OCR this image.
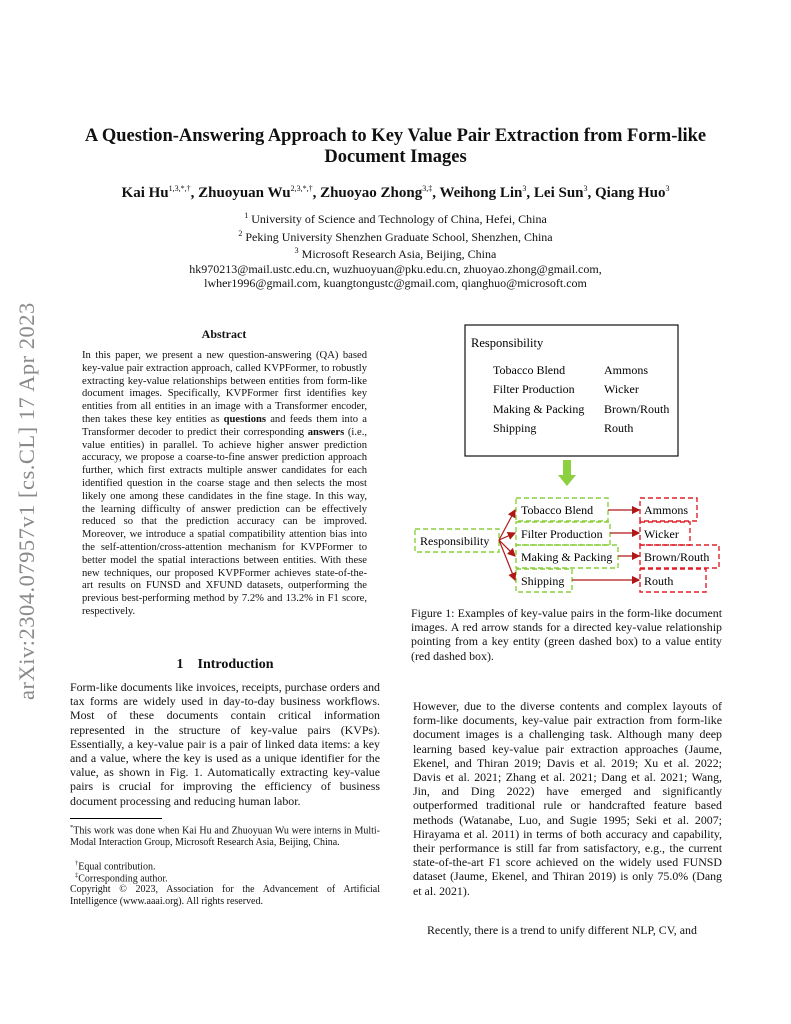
arXiv:2304.07957v1 [cs.CL] 17 Apr 2023
A Question-Answering Approach to Key Value Pair Extraction from Form-like
Document Images
Kai $Hu^{1,3,*,\dagger}$, Zhuoyuan $Wu^{2,3,*,\dagger}$, Zhuoyao Zhong$^{3,\ddagger}$, Weihong Lin$^3$, Lei Sun$^3$, Qiang Huo$^3$
$^1$ University of Science and Technology of China, Hefei, China
$^2$ Peking University Shenzhen Graduate School, Shenzhen, China
$^3$ Microsoft Research Asia, Beijing, China
hk970213@mail.ustc.edu.cn, wuzhuoyuan@pku.edu.cn, zhuoyao.zhong@gmail.com,
lwher1996@gmail.com, kuangtongustc@gmail.com, qianghuo@microsoft.com
Abstract
In this paper, we present a new question-answering (QA) based key-value pair extraction approach, called KVPFormer, to robustly extracting key-value relationships between entities from form-like document images. Specifically, KVPFormer first identifies key entities from all entities in an image with a Transformer encoder, then takes these key entities as questions and feeds them into a Transformer decoder to predict their corresponding answers (i.e., value entities) in parallel. To achieve higher answer prediction accuracy, we propose a coarse-to-fine answer prediction approach further, which first extracts multiple answer candidates for each identified question in the coarse stage and then selects the most likely one among these candidates in the fine stage. In this way, the learning difficulty of answer prediction can be effectively reduced so that the prediction accuracy can be improved. Moreover, we introduce a spatial compatibility attention bias into the self-attention/cross-attention mechanism for KVPFormer to better model the spatial interactions between entities. With these new techniques, our proposed KVPFormer achieves state-of-the-art results on FUNSD and XFUND datasets, outperforming the previous best-performing method by 7.2% and 13.2% in F1 score, respectively.
1    Introduction
Form-like documents like invoices, receipts, purchase orders and tax forms are widely used in day-to-day business workflows. Most of these documents contain critical information represented in the structure of key-value pairs (KVPs). Essentially, a key-value pair is a pair of linked data items: a key and a value, where the key is used as a unique identifier for the value, as shown in Fig. 1. Automatically extracting key-value pairs is crucial for improving the efficiency of business document processing and reducing human labor.
*This work was done when Kai Hu and Zhuoyuan Wu were interns in Multi-Modal Interaction Group, Microsoft Research Asia, Beijing, China.
†Equal contribution.
‡Corresponding author.
Copyright © 2023, Association for the Advancement of Artificial Intelligence (www.aaai.org). All rights reserved.
Responsibility
Tobacco Blend
Filter Production
Making & Packing
Shipping
Ammons
Wicker
Brown/Routh
Routh
Responsibility
Tobacco Blend
Filter Production
Making & Packing
Shipping
Ammons
Wicker
Brown/Routh
Routh
Figure 1: Examples of key-value pairs in the form-like document images. A red arrow stands for a directed key-value relationship pointing from a key entity (green dashed box) to a value entity (red dashed box).
However, due to the diverse contents and complex layouts of form-like documents, key-value pair extraction from form-like document images is a challenging task. Although many deep learning based key-value pair extraction approaches (Jaume, Ekenel, and Thiran 2019; Davis et al. 2019; Xu et al. 2022; Davis et al. 2021; Zhang et al. 2021; Dang et al. 2021; Wang, Jin, and Ding 2022) have emerged and significantly outperformed traditional rule or handcrafted feature based methods (Watanabe, Luo, and Sugie 1995; Seki et al. 2007; Hirayama et al. 2011) in terms of both accuracy and capability, their performance is still far from satisfactory, e.g., the current state-of-the-art F1 score achieved on the widely used FUNSD dataset (Jaume, Ekenel, and Thiran 2019) is only 75.0% (Dang et al. 2021).
Recently, there is a trend to unify different NLP, CV, and
